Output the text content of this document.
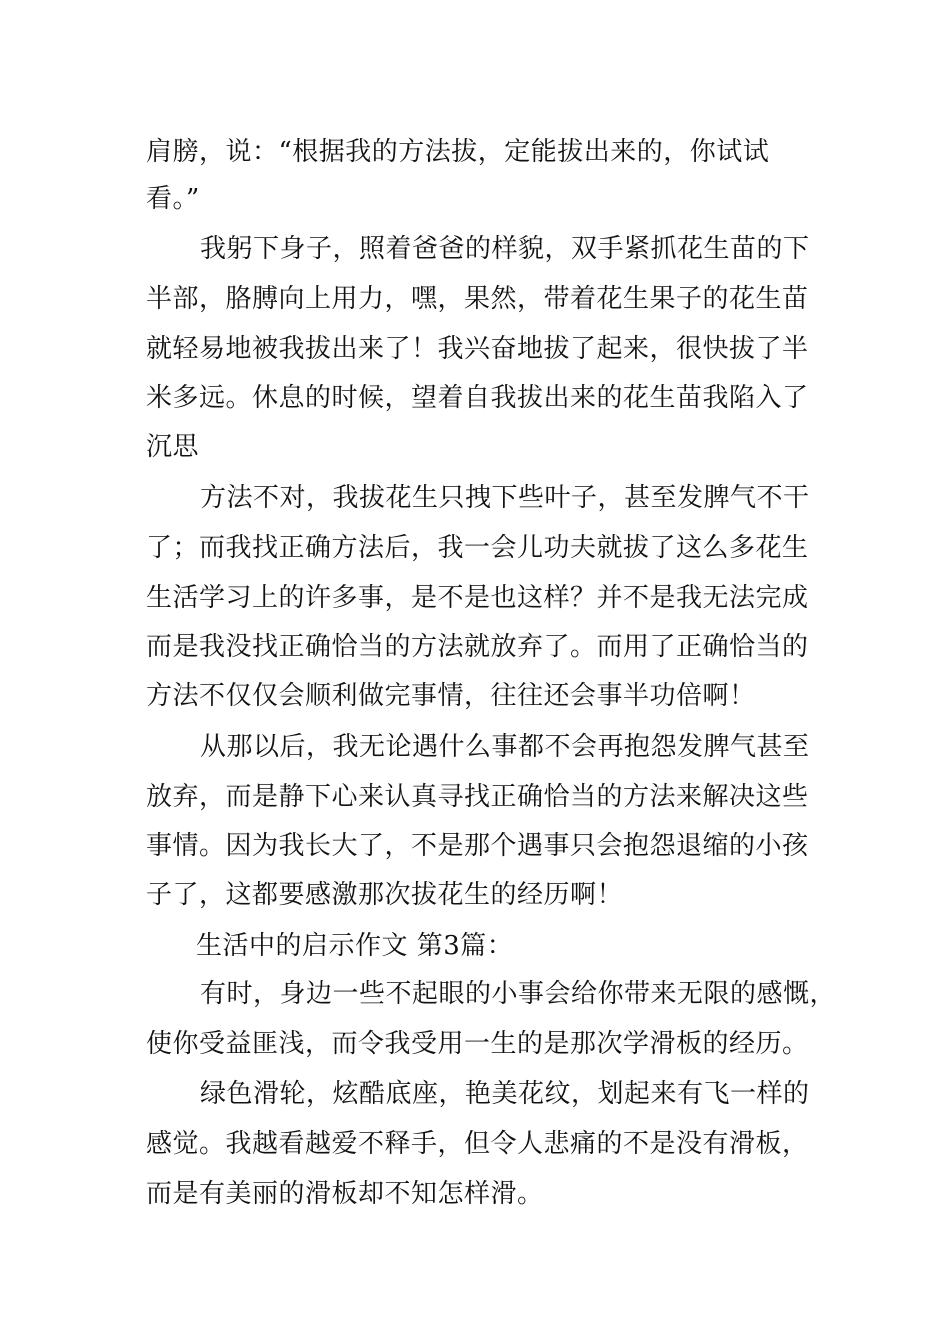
肩膀，说：“根据我的方法拔，定能拔出来的，你试试
看。”
我躬下身子，照着爸爸的样貌，双手紧抓花生苗的下
半部，胳膊向上用力，嘿，果然，带着花生果子的花生苗
就轻易地被我拔出来了！我兴奋地拔了起来，很快拔了半
米多远。休息的时候，望着自我拔出来的花生苗我陷入了
沉思
方法不对，我拔花生只拽下些叶子，甚至发脾气不干
了；而我找正确方法后，我一会儿功夫就拔了这么多花生
生活学习上的许多事，是不是也这样？并不是我无法完成
而是我没找正确恰当的方法就放弃了。而用了正确恰当的
方法不仅仅会顺利做完事情，往往还会事半功倍啊！
从那以后，我无论遇什么事都不会再抱怨发脾气甚至
放弃，而是静下心来认真寻找正确恰当的方法来解决这些
事情。因为我长大了，不是那个遇事只会抱怨退缩的小孩
子了，这都要感激那次拔花生的经历啊！
生活中的启示作文 第3篇：
有时，身边一些不起眼的小事会给你带来无限的感慨，
使你受益匪浅，而令我受用一生的是那次学滑板的经历。
绿色滑轮，炫酷底座，艳美花纹，划起来有飞一样的
感觉。我越看越爱不释手，但令人悲痛的不是没有滑板，
而是有美丽的滑板却不知怎样滑。
